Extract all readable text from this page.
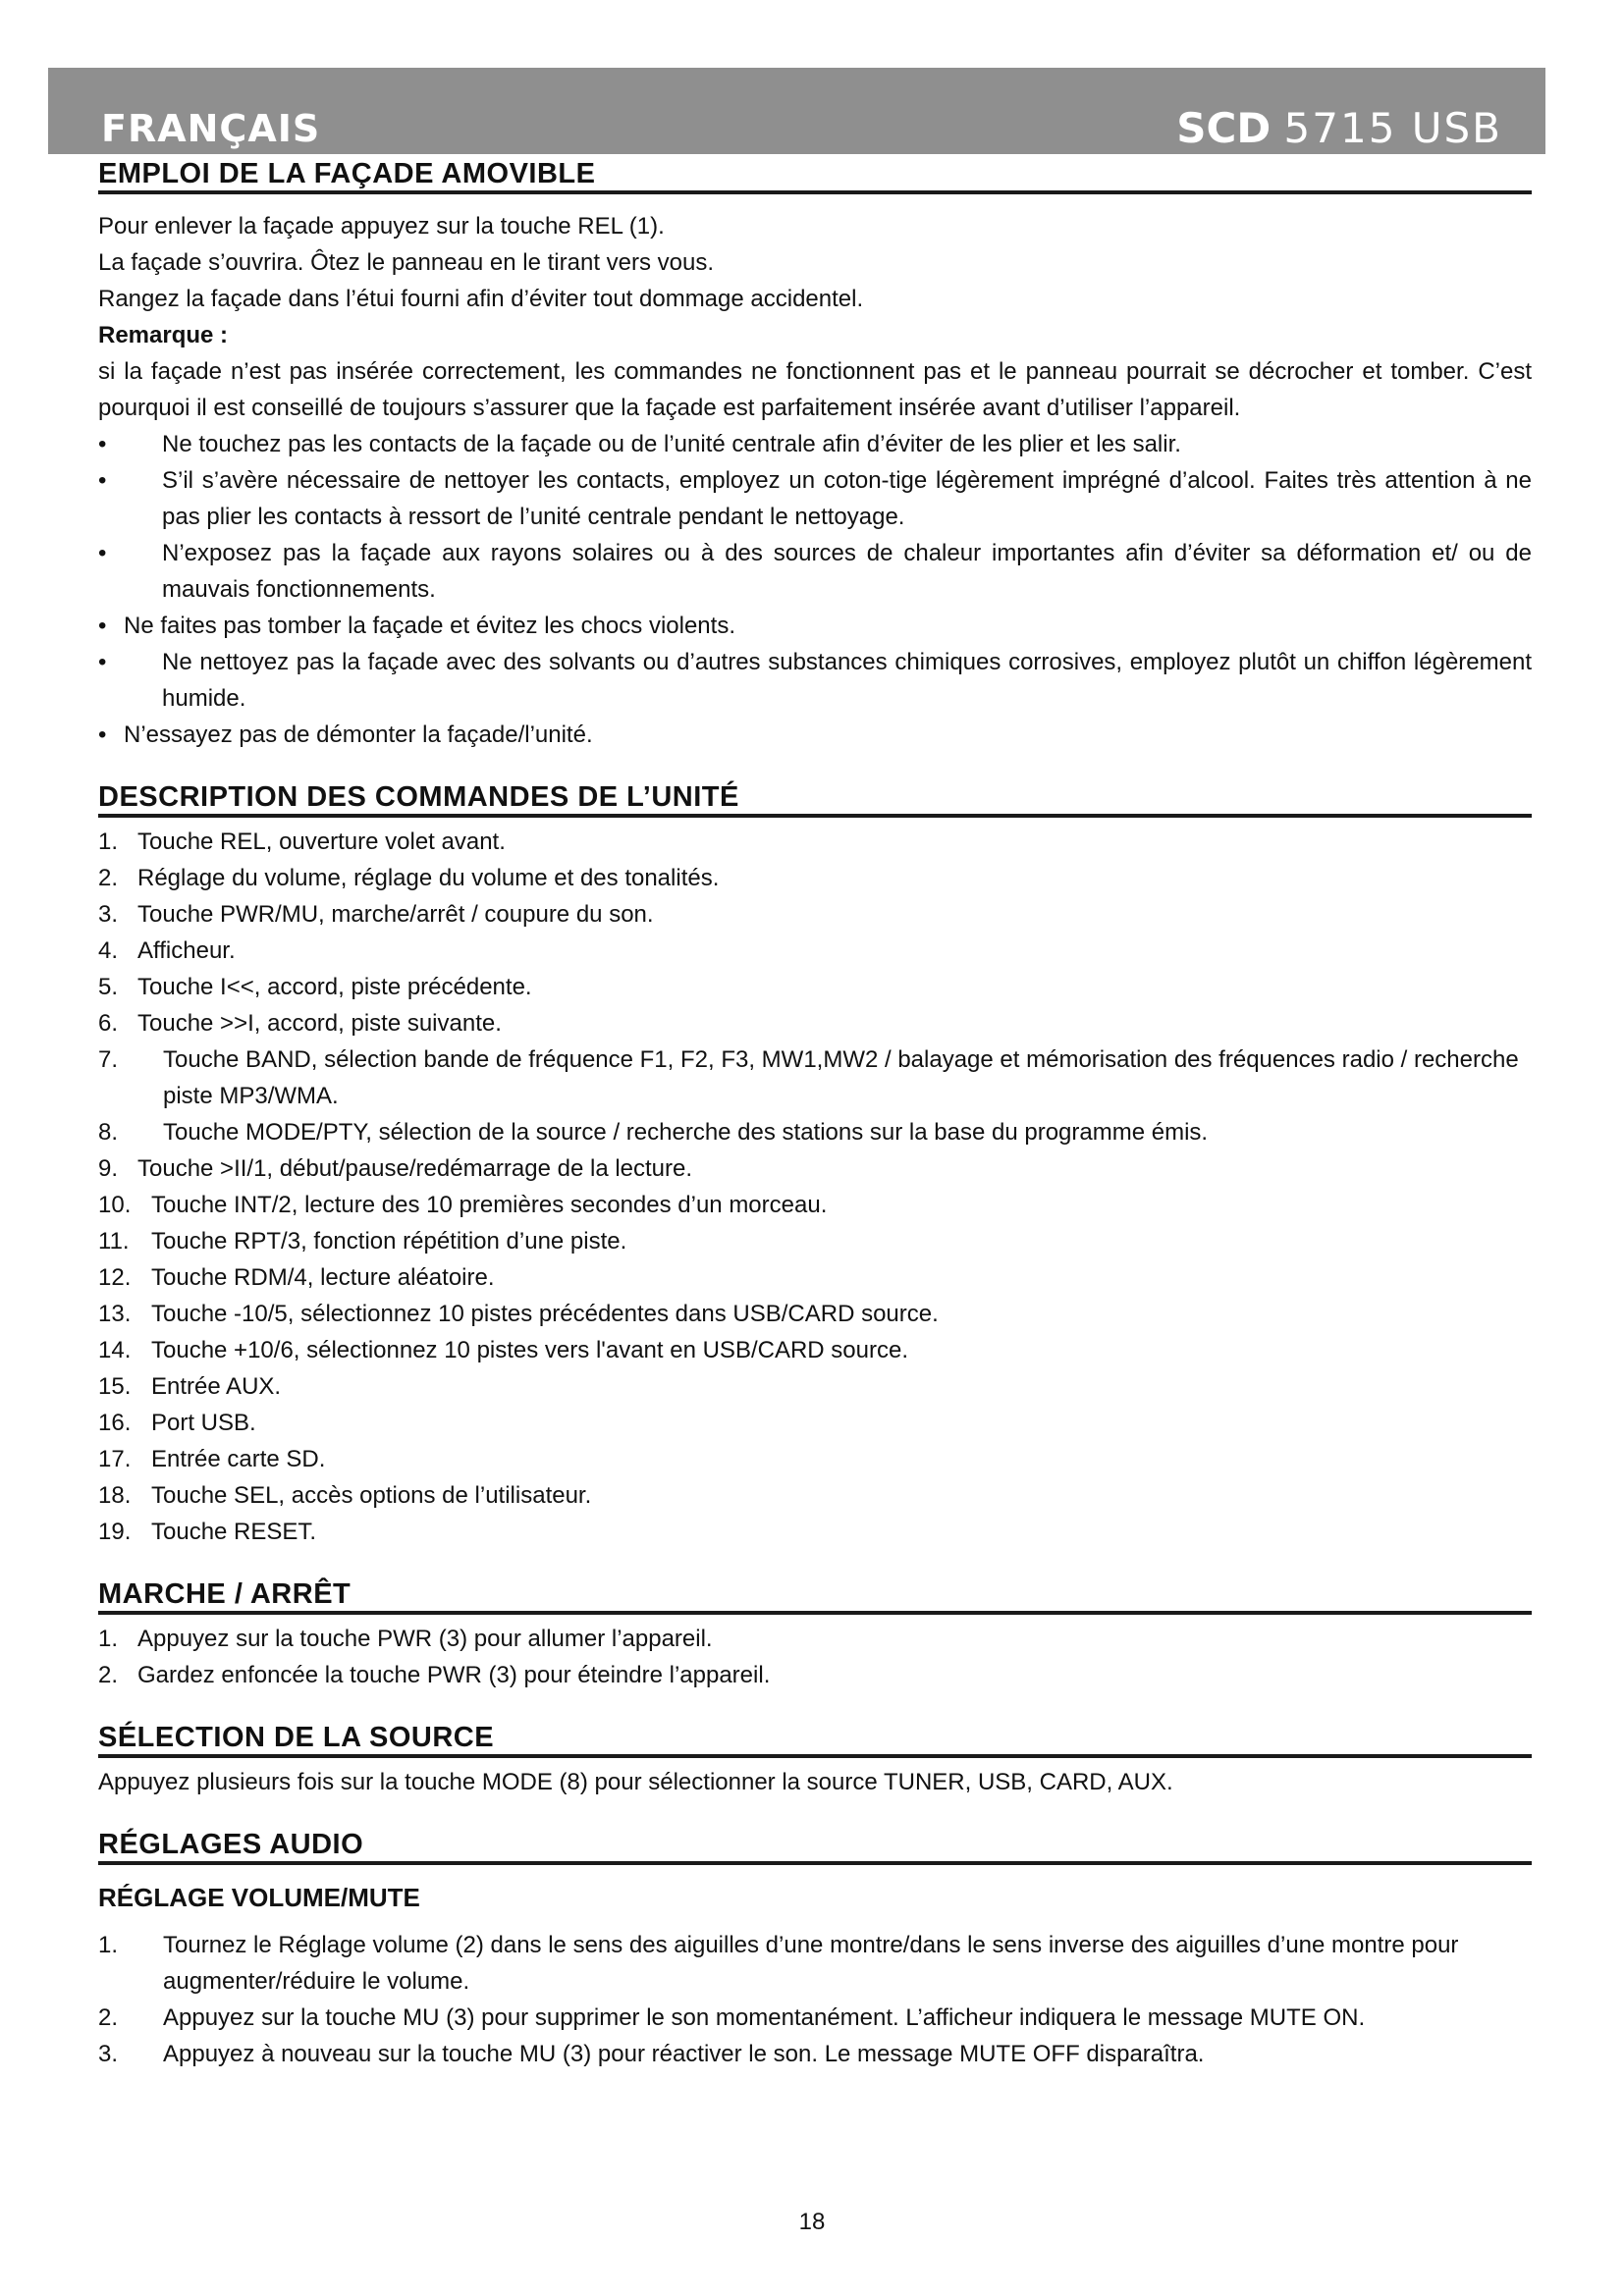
FRANÇAIS	SCD 5715 USB
EMPLOI DE LA FAÇADE AMOVIBLE

Pour enlever la façade appuyez sur la touche REL (1).

La façade s’ouvrira. Ôtez le panneau en le tirant vers vous.

Rangez la façade dans l’étui fourni afin d’éviter tout dommage accidentel.

Remarque :

si la façade n’est pas insérée correctement, les commandes ne fonctionnent pas et le panneau pourrait se décrocher et tomber. C’est pourquoi il est conseillé de toujours s’assurer que la façade est parfaitement insérée avant d’utiliser l’appareil.

• Ne touchez pas les contacts de la façade ou de l’unité centrale afin d’éviter de les plier et les salir.
• S’il s’avère nécessaire de nettoyer les contacts, employez un coton-tige légèrement imprégné d’alcool. Faites très attention à ne pas plier les contacts à ressort de l’unité centrale pendant le nettoyage.
• N’exposez pas la façade aux rayons solaires ou à des sources de chaleur importantes afin d’éviter sa déformation et/ ou de mauvais fonctionnements.
• Ne faites pas tomber la façade et évitez les chocs violents.
• Ne nettoyez pas la façade avec des solvants ou d’autres substances chimiques corrosives, employez plutôt un chiffon légèrement humide.
• N’essayez pas de démonter la façade/l’unité.
DESCRIPTION DES COMMANDES DE L’UNITÉ
1. Touche REL, ouverture volet avant.
2. Réglage du volume, réglage du volume et des tonalités.
3. Touche PWR/MU, marche/arrêt / coupure du son.
4. Afficheur.
5. Touche I<<, accord, piste précédente.
6. Touche >>I, accord, piste suivante.
7. Touche BAND, sélection bande de fréquence F1, F2, F3, MW1,MW2 / balayage et mémorisation des fréquences radio / recherche piste MP3/WMA.
8. Touche MODE/PTY, sélection de la source / recherche des stations sur la base du programme émis.
9. Touche >II/1, début/pause/redémarrage de la lecture.
10. Touche INT/2, lecture des 10 premières secondes d’un morceau.
11. Touche RPT/3, fonction répétition d’une piste.
12. Touche RDM/4, lecture aléatoire.
13. Touche -10/5, sélectionnez 10 pistes précédentes dans USB/CARD source.
14. Touche +10/6, sélectionnez 10 pistes vers l'avant en USB/CARD source.
15. Entrée AUX.
16. Port USB.
17. Entrée carte SD.
18. Touche SEL, accès options de l’utilisateur.
19. Touche RESET.
MARCHE / ARRÊT
1. Appuyez sur la touche PWR (3) pour allumer l’appareil.
2. Gardez enfoncée la touche PWR (3) pour éteindre l’appareil.
SÉLECTION DE LA SOURCE

Appuyez plusieurs fois sur la touche MODE (8) pour sélectionner la source TUNER, USB, CARD, AUX.

RÉGLAGES AUDIO
RÉGLAGE VOLUME/MUTE
1. Tournez le Réglage volume (2) dans le sens des aiguilles d’une montre/dans le sens inverse des aiguilles d’une montre pour augmenter/réduire le volume.
2. Appuyez sur la touche MU (3) pour supprimer le son momentanément. L’afficheur indiquera le message MUTE ON.
3. Appuyez à nouveau sur la touche MU (3) pour réactiver le son. Le message MUTE OFF disparaîtra.
18
